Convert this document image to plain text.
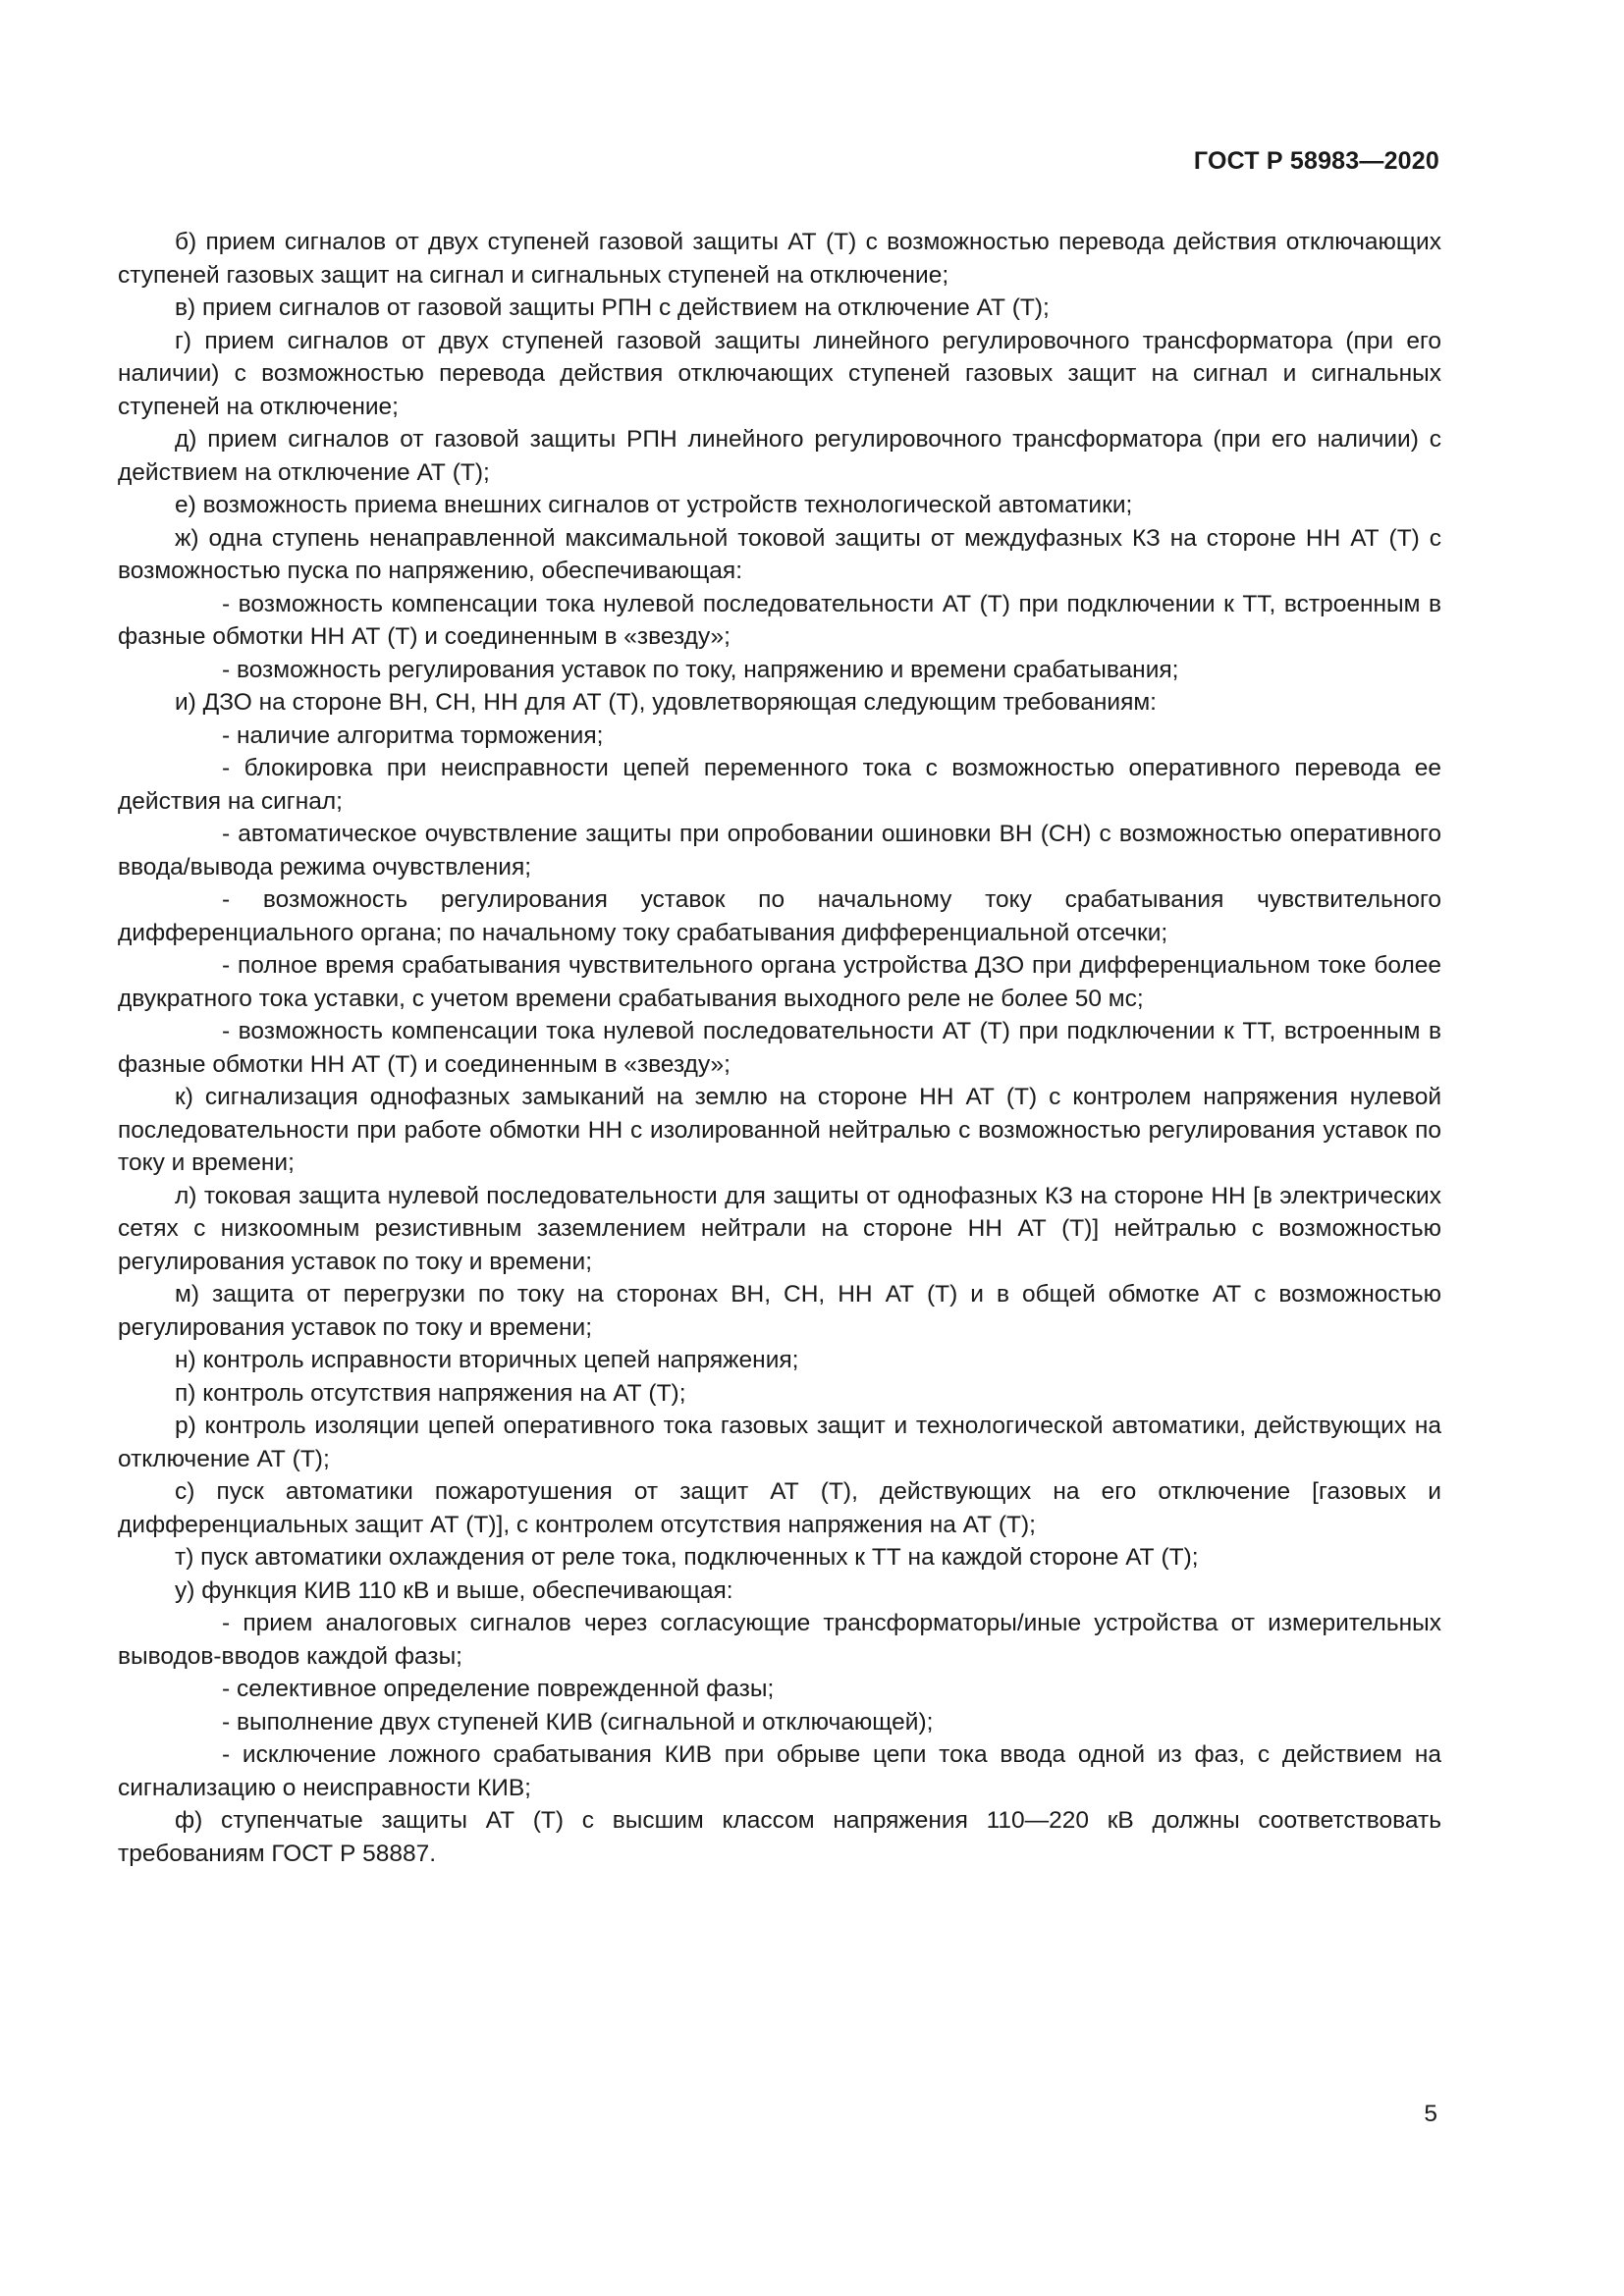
ГОСТ Р 58983—2020

б) прием сигналов от двух ступеней газовой защиты АТ (Т) с возможностью перевода действия отключающих ступеней газовых защит на сигнал и сигнальных ступеней на отключение;

в) прием сигналов от газовой защиты РПН с действием на отключение АТ (Т);

г) прием сигналов от двух ступеней газовой защиты линейного регулировочного трансформатора (при его наличии) с возможностью перевода действия отключающих ступеней газовых защит на сигнал и сигнальных ступеней на отключение;

д) прием сигналов от газовой защиты РПН линейного регулировочного трансформатора (при его наличии) с действием на отключение АТ (Т);

е) возможность приема внешних сигналов от устройств технологической автоматики;

ж) одна ступень ненаправленной максимальной токовой защиты от междуфазных КЗ на стороне НН АТ (Т) с возможностью пуска по напряжению, обеспечивающая:

- возможность компенсации тока нулевой последовательности АТ (Т) при подключении к ТТ, встроенным в фазные обмотки НН АТ (Т) и соединенным в «звезду»;

- возможность регулирования уставок по току, напряжению и времени срабатывания;

и) ДЗО на стороне ВН, СН, НН для АТ (Т), удовлетворяющая следующим требованиям:

- наличие алгоритма торможения;

- блокировка при неисправности цепей переменного тока с возможностью оперативного перевода ее действия на сигнал;

- автоматическое очувствление защиты при опробовании ошиновки ВН (СН) с возможностью оперативного ввода/вывода режима очувствления;

- возможность регулирования уставок по начальному току срабатывания чувствительного дифференциального органа; по начальному току срабатывания дифференциальной отсечки;

- полное время срабатывания чувствительного органа устройства ДЗО при дифференциальном токе более двукратного тока уставки, с учетом времени срабатывания выходного реле не более 50 мс;

- возможность компенсации тока нулевой последовательности АТ (Т) при подключении к ТТ, встроенным в фазные обмотки НН АТ (Т) и соединенным в «звезду»;

к) сигнализация однофазных замыканий на землю на стороне НН АТ (Т) с контролем напряжения нулевой последовательности при работе обмотки НН с изолированной нейтралью с возможностью регулирования уставок по току и времени;

л) токовая защита нулевой последовательности для защиты от однофазных КЗ на стороне НН [в электрических сетях с низкоомным резистивным заземлением нейтрали на стороне НН АТ (Т)] нейтралью с возможностью регулирования уставок по току и времени;

м) защита от перегрузки по току на сторонах ВН, СН, НН АТ (Т) и в общей обмотке АТ с возможностью регулирования уставок по току и времени;

н) контроль исправности вторичных цепей напряжения;

п) контроль отсутствия напряжения на АТ (Т);

р) контроль изоляции цепей оперативного тока газовых защит и технологической автоматики, действующих на отключение АТ (Т);

с) пуск автоматики пожаротушения от защит АТ (Т), действующих на его отключение [газовых и дифференциальных защит АТ (Т)], с контролем отсутствия напряжения на АТ (Т);

т) пуск автоматики охлаждения от реле тока, подключенных к ТТ на каждой стороне АТ (Т);

у) функция КИВ 110 кВ и выше, обеспечивающая:

- прием аналоговых сигналов через согласующие трансформаторы/иные устройства от измерительных выводов-вводов каждой фазы;

- селективное определение поврежденной фазы;

- выполнение двух ступеней КИВ (сигнальной и отключающей);

- исключение ложного срабатывания КИВ при обрыве цепи тока ввода одной из фаз, с действием на сигнализацию о неисправности КИВ;

ф) ступенчатые защиты АТ (Т) с высшим классом напряжения 110—220 кВ должны соответствовать требованиям ГОСТ Р 58887.

5
